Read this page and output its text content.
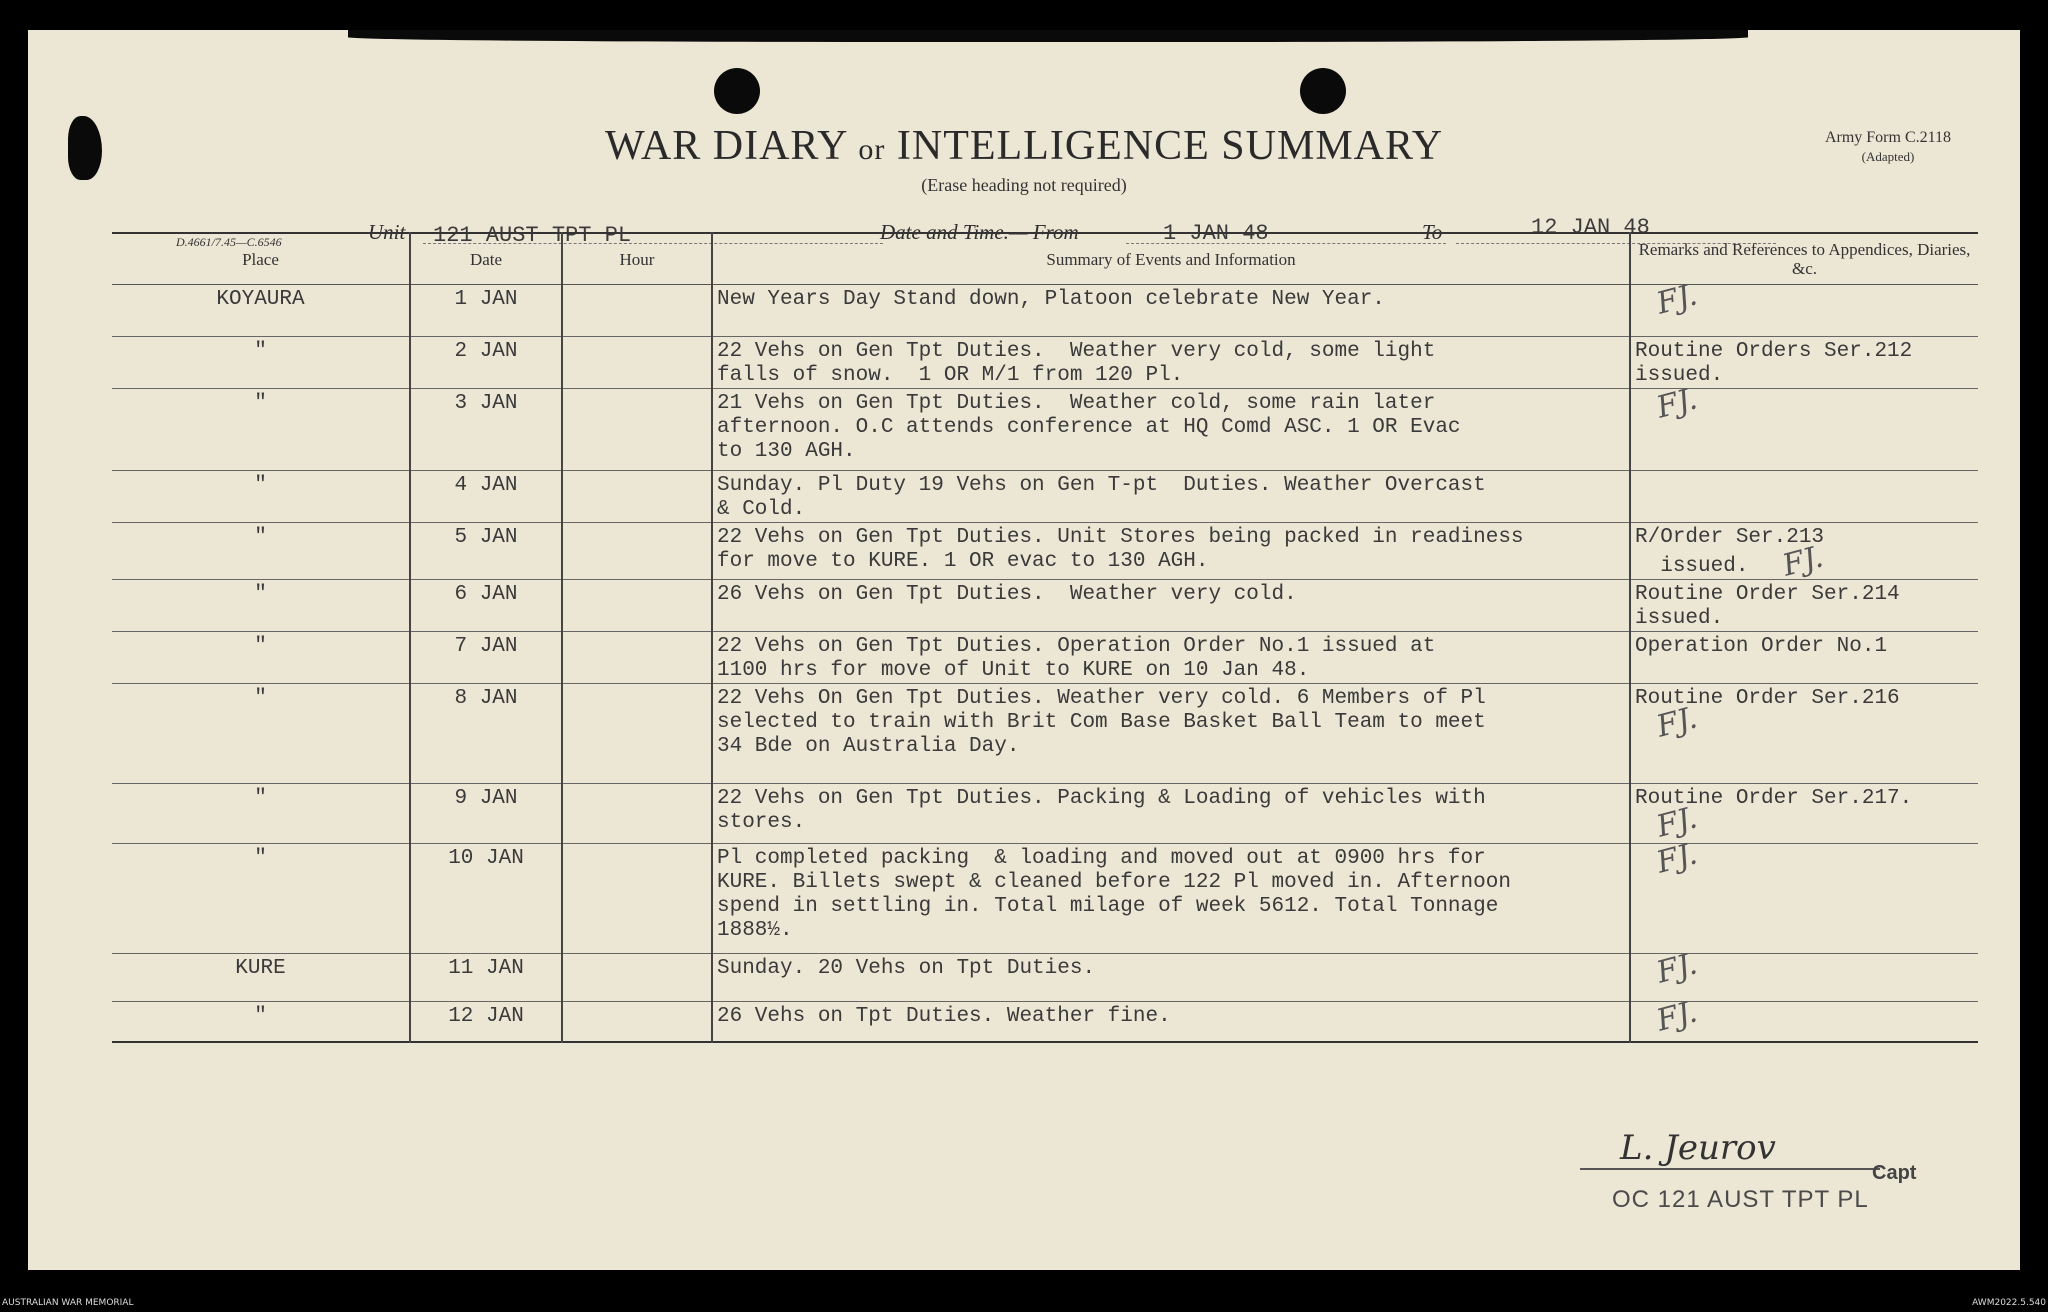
WAR DIARY or INTELLIGENCE SUMMARY
(Erase heading not required)
Army Form C.2118
(Adapted)
D.4661/7.45—C.6546	Unit 121 AUST TPT PL	Date and Time.— From	1 JAN 48	To	12 JAN 48
Place	Date	Hour	Summary of Events and Information	Remarks and References to Appendices, Diaries, &c.
KOYAURA	1 JAN		New Years Day Stand down, Platoon celebrate New Year.	FJ.
"	2 JAN		22 Vehs on Gen Tpt Duties.  Weather very cold, some light
falls of snow.  1 OR M/1 from 120 Pl.	Routine Orders Ser.212
issued.
"	3 JAN		21 Vehs on Gen Tpt Duties.  Weather cold, some rain later
afternoon. O.C attends conference at HQ Comd ASC. 1 OR Evac
to 130 AGH.	FJ.
"	4 JAN		Sunday. Pl Duty 19 Vehs on Gen T-pt  Duties. Weather Overcast
& Cold.	
"	5 JAN		22 Vehs on Gen Tpt Duties. Unit Stores being packed in readiness
for move to KURE. 1 OR evac to 130 AGH.	R/Order Ser.213
issued. FJ.
"	6 JAN		26 Vehs on Gen Tpt Duties.  Weather very cold.	Routine Order Ser.214
issued.
"	7 JAN		22 Vehs on Gen Tpt Duties. Operation Order No.1 issued at
1100 hrs for move of Unit to KURE on 10 Jan 48.	Operation Order No.1
"	8 JAN		22 Vehs On Gen Tpt Duties. Weather very cold. 6 Members of Pl
selected to train with Brit Com Base Basket Ball Team to meet
34 Bde on Australia Day.	Routine Order Ser.216 FJ.
"	9 JAN		22 Vehs on Gen Tpt Duties. Packing & Loading of vehicles with
stores.	Routine Order Ser.217. FJ.
"	10 JAN		Pl completed packing  & loading and moved out at 0900 hrs for
KURE. Billets swept & cleaned before 122 Pl moved in. Afternoon
spend in settling in. Total milage of week 5612. Total Tonnage
1888½.	FJ.
KURE	11 JAN		Sunday. 20 Vehs on Tpt Duties.	FJ.
"	12 JAN		26 Vehs on Tpt Duties. Weather fine.	FJ.
L. Jeurov
Capt
OC 121 AUST TPT PL
AUSTRALIAN WAR MEMORIAL	AWM2022.5.540
